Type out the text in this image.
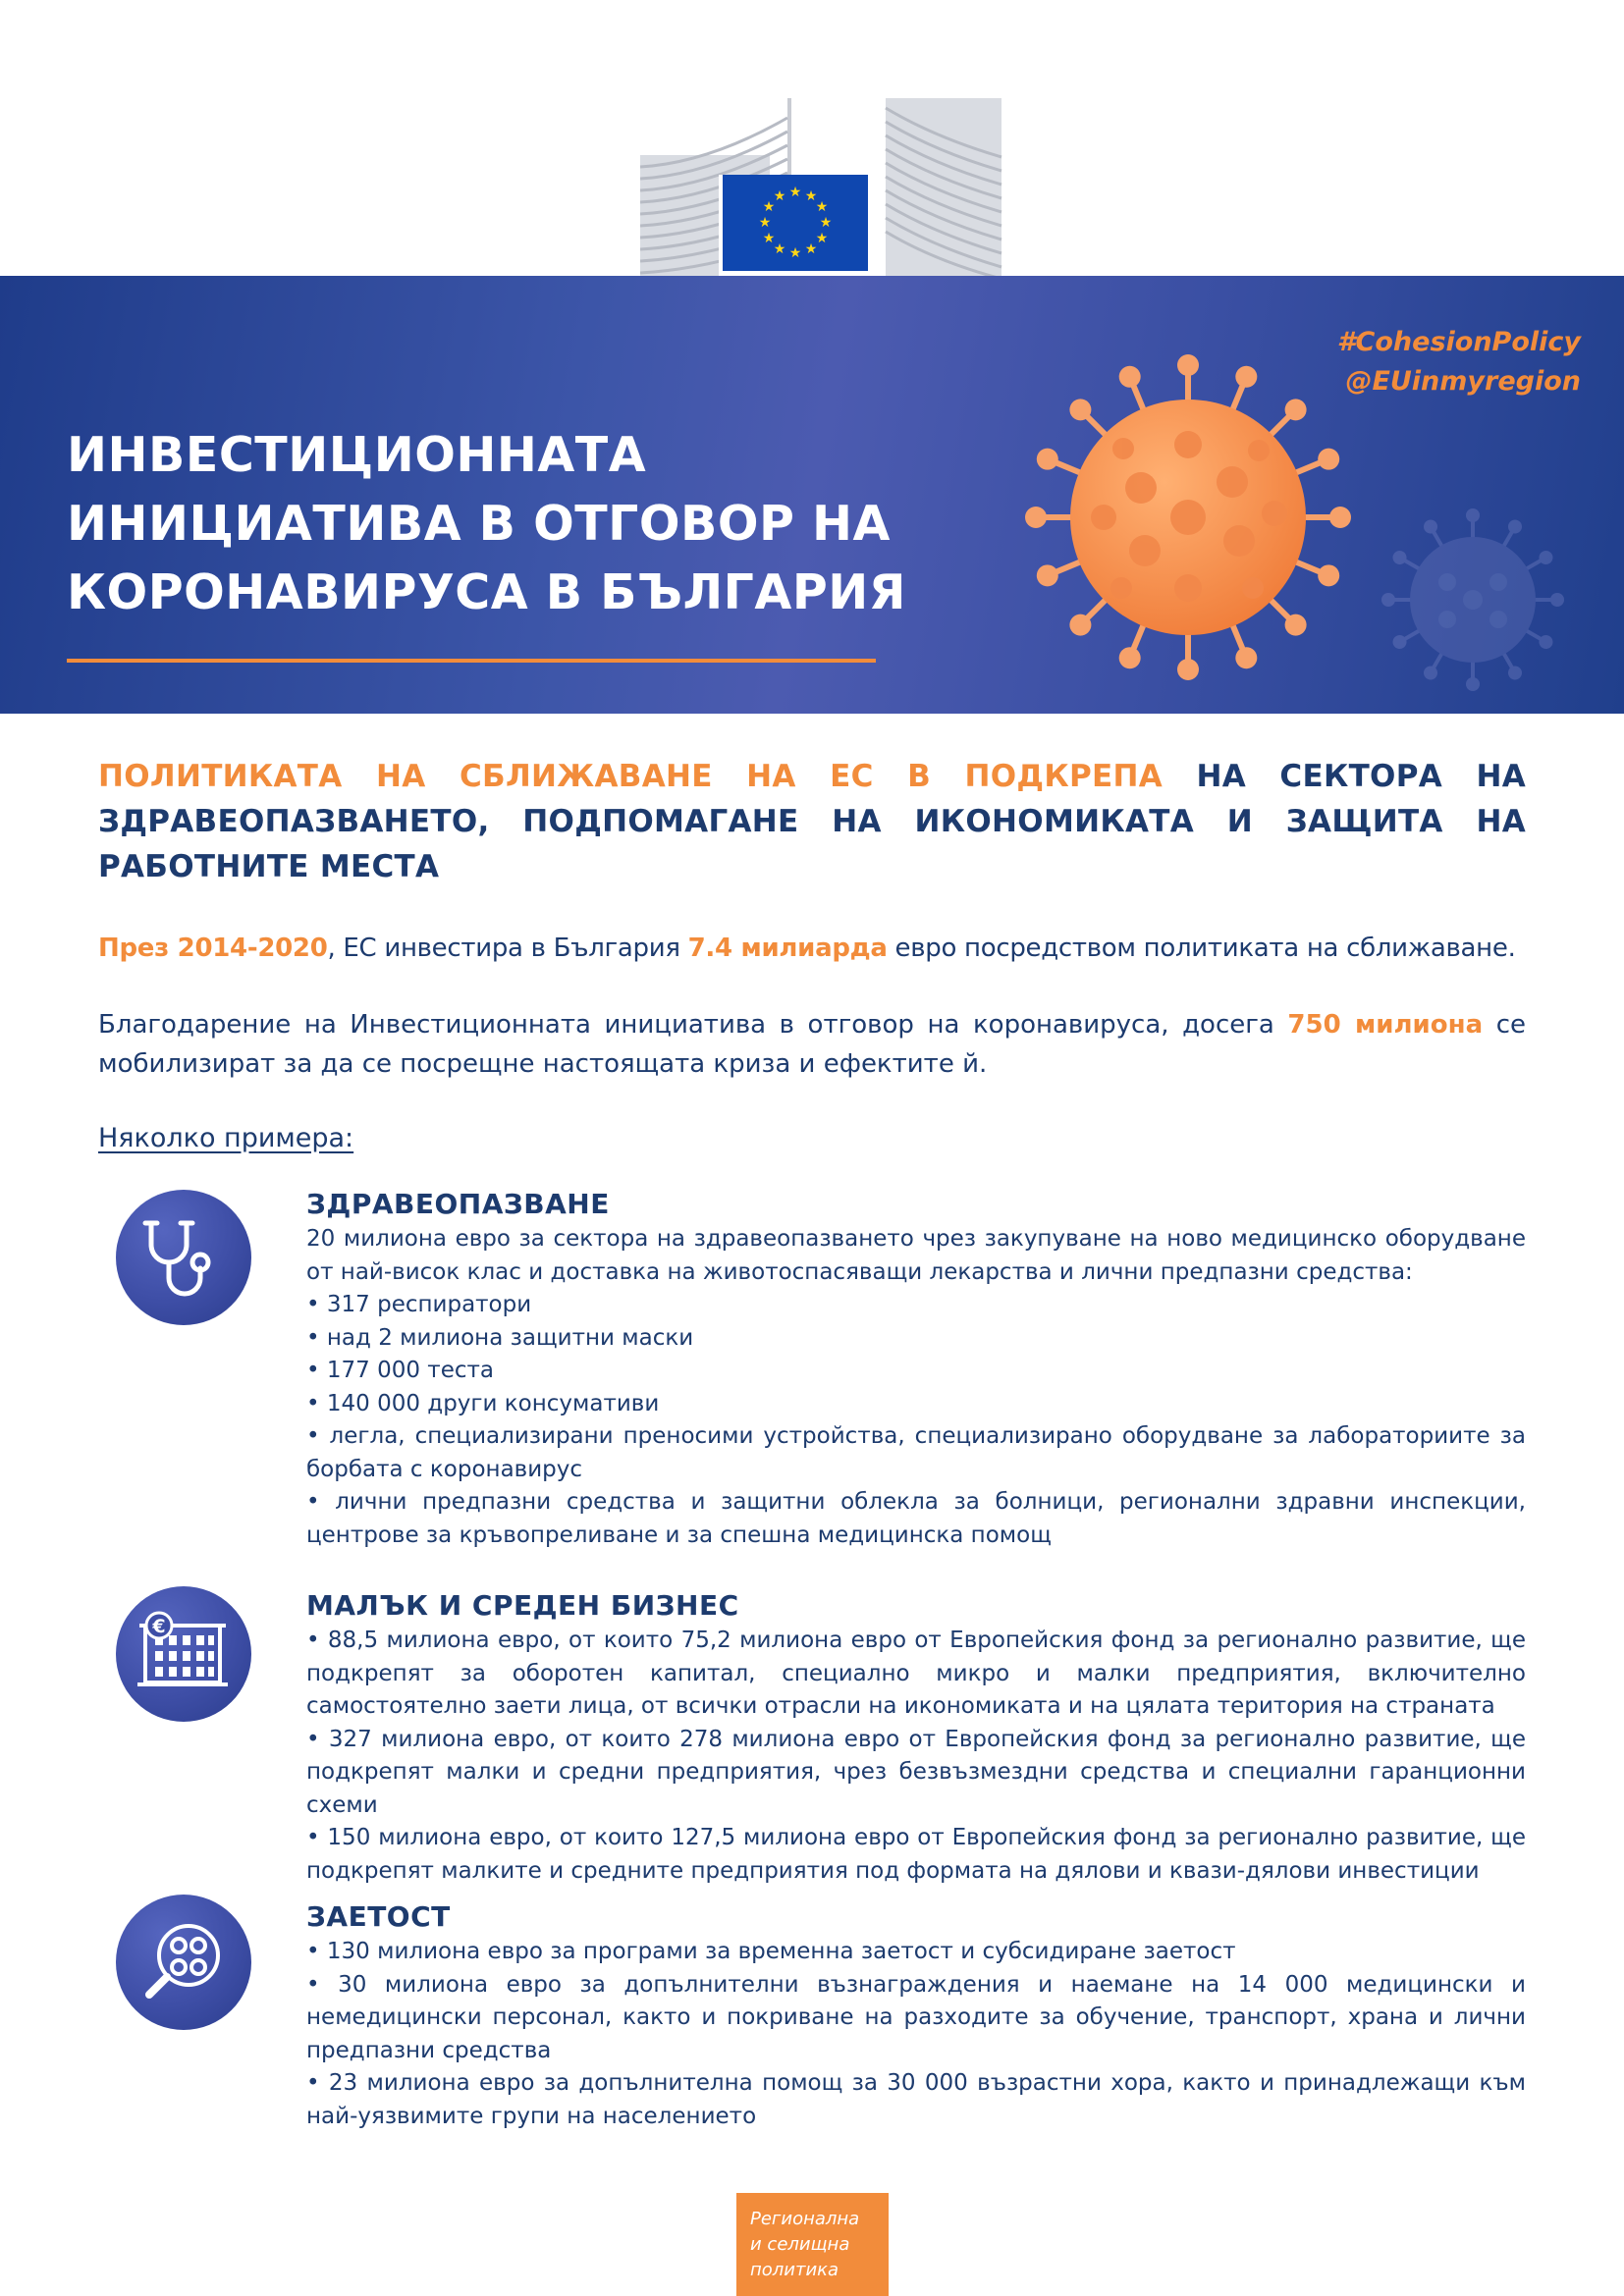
★ ★
★
★
★
★
★
★
★
★
★
★
#CohesionPolicy
@EUinmyregion
ИНВЕСТИЦИОННАТА
ИНИЦИАТИВА В ОТГОВОР НА
КОРОНАВИРУСА В БЪЛГАРИЯ
ПОЛИТИКАТА НА СБЛИЖАВАНЕ НА ЕС В ПОДКРЕПА НА СЕКТОРА НА ЗДРАВЕОПАЗВАНЕТО, ПОДПОМАГАНЕ НА ИКОНОМИКАТА И ЗАЩИТА НА РАБОТНИТЕ МЕСТА
През 2014-2020, ЕС инвестира в България 7.4 милиарда евро посредством политиката на сближаване.
Благодарение на Инвестиционната инициатива в отговор на коронавируса, досега 750 милиона се мобилизират за да се посрещне настоящата криза и ефектите й.
Няколко примера:
€
ЗДРАВЕОПАЗВАНЕ

20 милиона евро за сектора на здравеопазването чрез закупуване на ново медицинско оборудване от най-висок клас и доставка на животоспасяващи лекарства и лични предпазни средства:

• 317 респиратори

• над 2 милиона защитни маски

• 177 000 теста

• 140 000 други консумативи

• легла, специализирани преносими устройства, специализирано оборудване за лабораториите за борбата с коронавирус

• лични предпазни средства и защитни облекла за болници, регионални здравни инспекции, центрове за кръвопреливане и за спешна медицинска помощ

МАЛЪК И СРЕДЕН БИЗНЕС

• 88,5 милиона евро, от които 75,2 милиона евро от Европейския фонд за регионално развитие, ще подкрепят за оборотен капитал, специално микро и малки предприятия, включително самостоятелно заети лица, от всички отрасли на икономиката и на цялата територия на страната

• 327 милиона евро, от които 278 милиона евро от Европейския фонд за регионално развитие, ще подкрепят малки и средни предприятия, чрез безвъзмездни средства и специални гаранционни схеми

• 150 милиона евро, от които 127,5 милиона евро от Европейския фонд за регионално развитие, ще подкрепят малките и средните предприятия под формата на дялови и квази-дялови инвестиции

ЗАЕТОСТ

• 130 милиона евро за програми за временна заетост и субсидиране заетост

• 30 милиона евро за допълнителни възнаграждения и наемане на 14 000 медицински и немедицински персонал, както и покриване на разходите за обучение, транспорт, храна и лични предпазни средства

• 23 милиона евро за допълнителна помощ за 30 000 възрастни хора, както и принадлежащи към най-уязвимите групи на населението

Регионална
и селищна
политика
